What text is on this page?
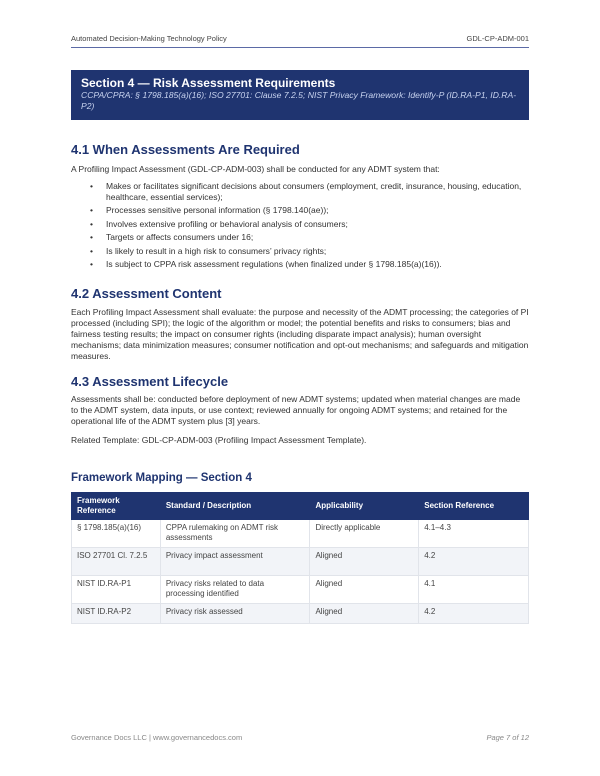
Automated Decision-Making Technology Policy	GDL-CP-ADM-001
Section 4 — Risk Assessment Requirements
CCPA/CPRA: § 1798.185(a)(16); ISO 27701: Clause 7.2.5; NIST Privacy Framework: Identify-P (ID.RA-P1, ID.RA-P2)
4.1 When Assessments Are Required

A Profiling Impact Assessment (GDL-CP-ADM-003) shall be conducted for any ADMT system that:

• Makes or facilitates significant decisions about consumers (employment, credit, insurance, housing, education, healthcare, essential services);
• Processes sensitive personal information (§ 1798.140(ae));
• Involves extensive profiling or behavioral analysis of consumers;
• Targets or affects consumers under 16;
• Is likely to result in a high risk to consumers’ privacy rights;
• Is subject to CPPA risk assessment regulations (when finalized under § 1798.185(a)(16)).
4.2 Assessment Content

Each Profiling Impact Assessment shall evaluate: the purpose and necessity of the ADMT processing; the categories of PI processed (including SPI); the logic of the algorithm or model; the potential benefits and risks to consumers; bias and fairness testing results; the impact on consumer rights (including disparate impact analysis); human oversight mechanisms; data minimization measures; consumer notification and opt-out mechanisms; and safeguards and mitigation measures.

4.3 Assessment Lifecycle

Assessments shall be: conducted before deployment of new ADMT systems; updated when material changes are made to the ADMT system, data inputs, or use context; reviewed annually for ongoing ADMT systems; and retained for the operational life of the ADMT system plus [3] years.

Related Template: GDL-CP-ADM-003 (Profiling Impact Assessment Template).

Framework Mapping — Section 4
Framework Reference	Standard / Description	Applicability	Section Reference
§ 1798.185(a)(16)	CPPA rulemaking on ADMT risk assessments	Directly applicable	4.1–4.3
ISO 27701 Cl. 7.2.5	Privacy impact assessment	Aligned	4.2
NIST ID.RA-P1	Privacy risks related to data processing identified	Aligned	4.1
NIST ID.RA-P2	Privacy risk assessed	Aligned	4.2
Governance Docs LLC | www.governancedocs.com	Page 7 of 12
